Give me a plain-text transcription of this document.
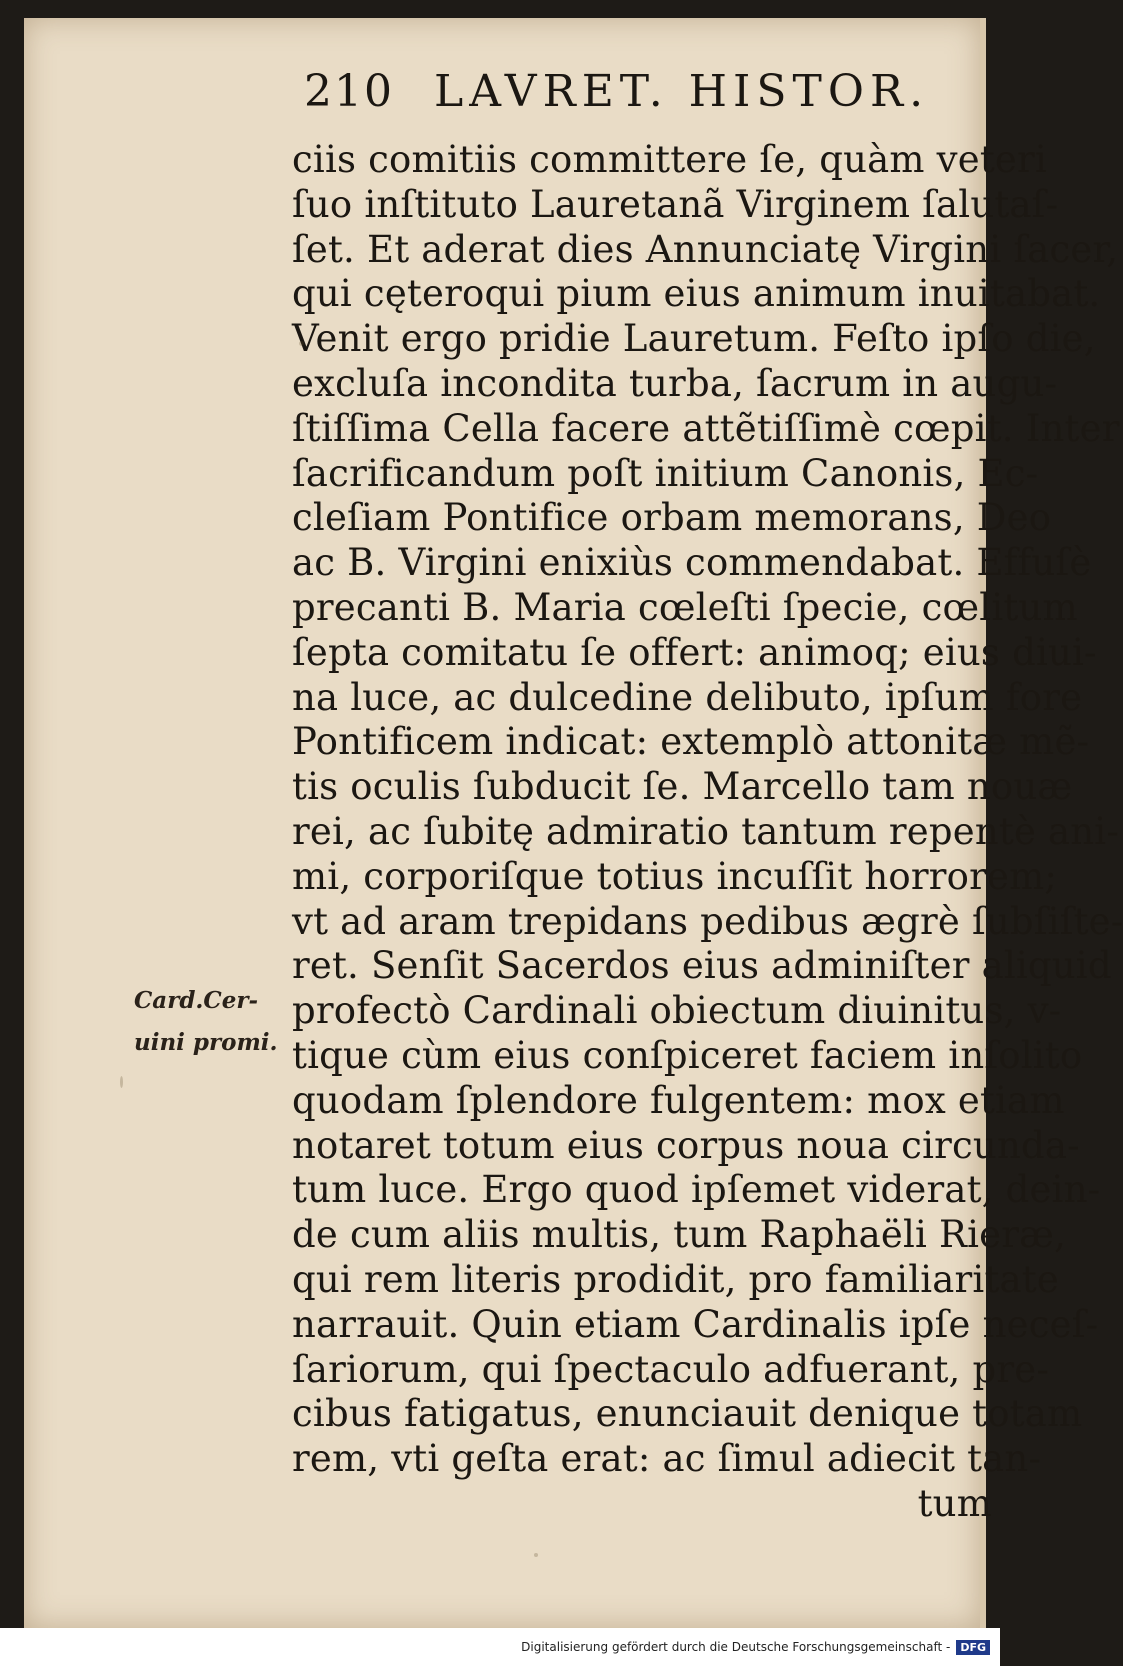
210 LAVRET. HISTOR.
Card.Cer-
uini promi.
ciis comitiis committere ſe, quàm veteri
ſuo inſtituto Lauretanã Virginem ſalutaſ-
ſet. Et aderat dies Annunciatę Virgini ſacer,
qui cęteroqui pium eius animum inuitabat.
Venit ergo pridie Lauretum. Feſto ipſo die,
excluſa incondita turba, ſacrum in augu-
ſtiſſima Cella facere attẽtiſſimè cœpit. Inter
ſacrificandum poſt initium Canonis, Ec-
cleſiam Pontifice orbam memorans, Deo
ac B. Virgini enixiùs commendabat. Effuſè
precanti B. Maria cœleſti ſpecie, cœlitum
ſepta comitatu ſe offert: animoq; eius diui-
na luce, ac dulcedine delibuto, ipſum fore
Pontificem indicat: extemplò attonitæ mẽ-
tis oculis ſubducit ſe. Marcello tam nouæ
rei, ac ſubitę admiratio tantum repentè ani-
mi, corporiſque totius incuſſit horrorem;
vt ad aram trepidans pedibus ægrè ſubſiſte-
ret. Senſit Sacerdos eius adminiſter aliquid
profectò Cardinali obiectum diuinitus, v-
tique cùm eius conſpiceret faciem inſolito
quodam ſplendore fulgentem: mox etiam
notaret totum eius corpus noua circunda-
tum luce. Ergo quod ipſemet viderat, dein-
de cum aliis multis, tum Raphaëli Rieræ,
qui rem literis prodidit, pro familiaritate
narrauit. Quin etiam Cardinalis ipſe neceſ-
ſariorum, qui ſpectaculo adfuerant, pre-
cibus fatigatus, enunciauit denique totam
rem, vti geſta erat: ac ſimul adiecit tan-
tum
Digitalisierung gefördert durch die Deutsche Forschungsgemeinschaft - DFG
